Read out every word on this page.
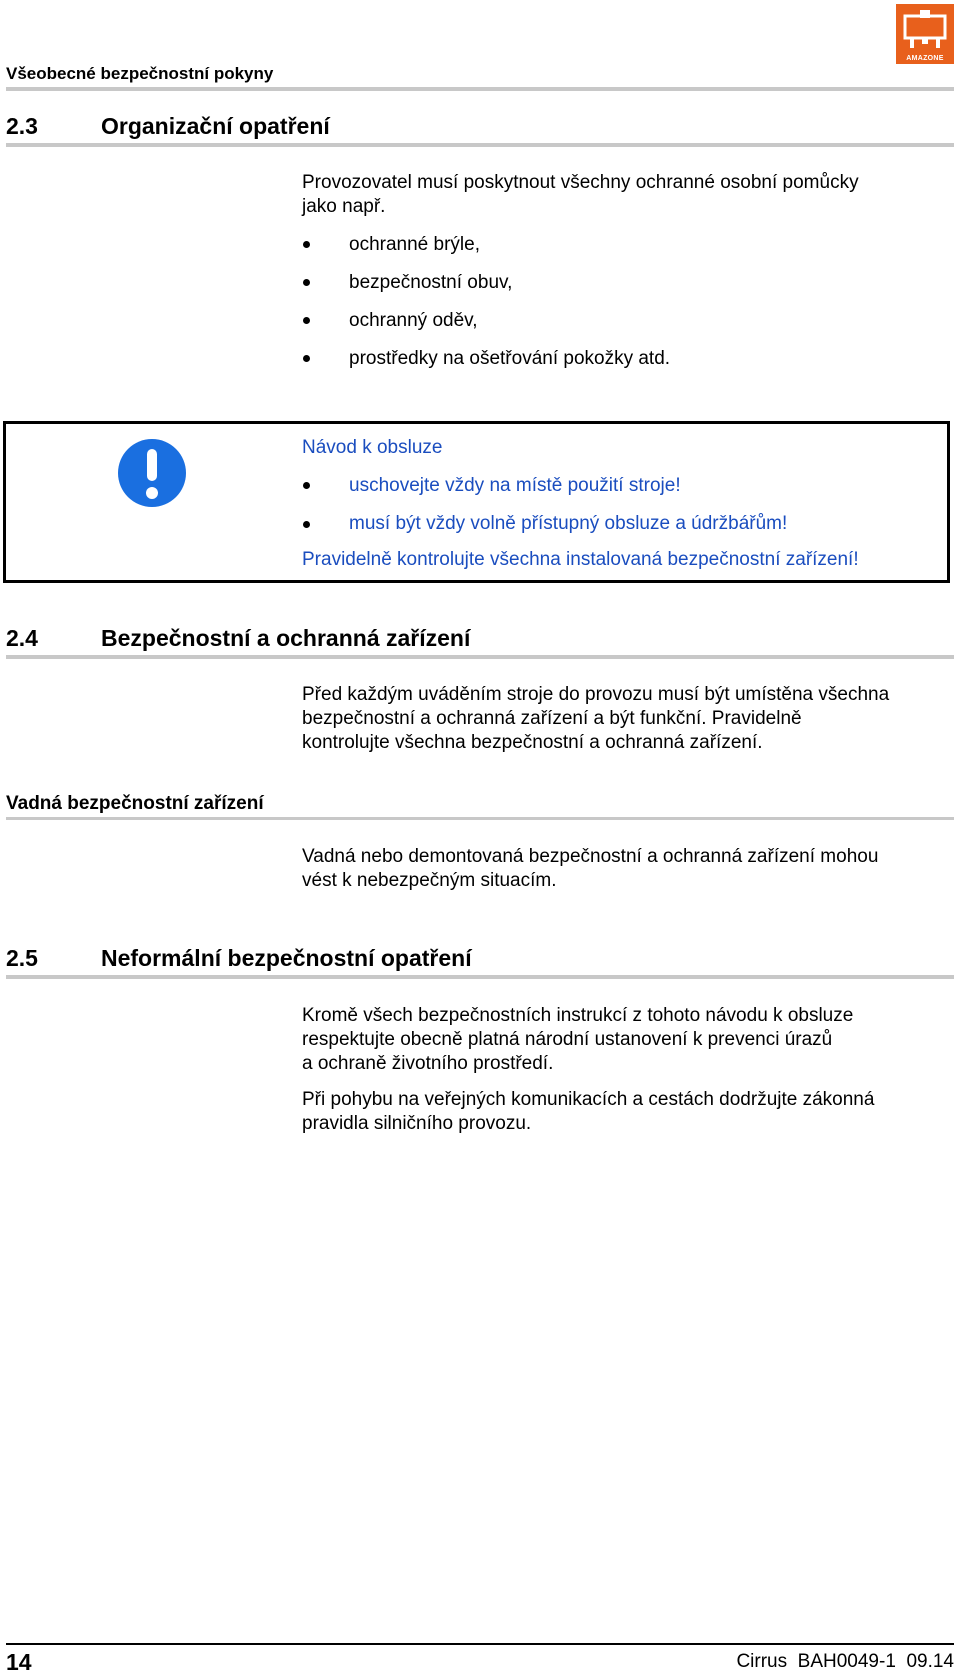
AMAZONE
Všeobecné bezpečnostní pokyny
2.3	Organizační opatření
Provozovatel musí poskytnout všechny ochranné osobní pomůcky
jako např.
ochranné brýle,
bezpečnostní obuv,
ochranný oděv,
prostředky na ošetřování pokožky atd.
Návod k obsluze
uschovejte vždy na místě použití stroje!
musí být vždy volně přístupný obsluze a údržbářům!
Pravidelně kontrolujte všechna instalovaná bezpečnostní zařízení!
2.4	Bezpečnostní a ochranná zařízení
Před každým uváděním stroje do provozu musí být umístěna všechna
bezpečnostní a ochranná zařízení a být funkční. Pravidelně
kontrolujte všechna bezpečnostní a ochranná zařízení.
Vadná bezpečnostní zařízení
Vadná nebo demontovaná bezpečnostní a ochranná zařízení mohou
vést k nebezpečným situacím.
2.5	Neformální bezpečnostní opatření
Kromě všech bezpečnostních instrukcí z tohoto návodu k obsluze
respektujte obecně platná národní ustanovení k prevenci úrazů
a ochraně životního prostředí.
Při pohybu na veřejných komunikacích a cestách dodržujte zákonná
pravidla silničního provozu.
14	Cirrus  BAH0049-1  09.14
